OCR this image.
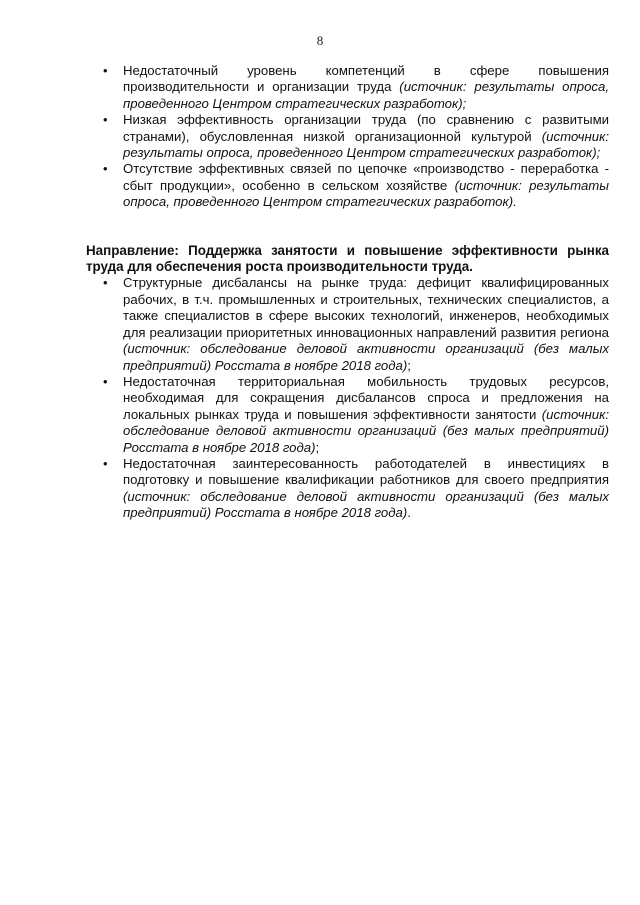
8
• Недостаточный уровень компетенций в сфере повышения производительности и организации труда (источник: результаты опроса, проведенного Центром стратегических разработок);
• Низкая эффективность организации труда (по сравнению с развитыми странами), обусловленная низкой организационной культурой (источник: результаты опроса, проведенного Центром стратегических разработок);
• Отсутствие эффективных связей по цепочке «производство - переработка - сбыт продукции», особенно в сельском хозяйстве (источник: результаты опроса, проведенного Центром стратегических разработок).
Направление: Поддержка занятости и повышение эффективности рынка труда для обеспечения роста производительности труда.
• Структурные дисбалансы на рынке труда: дефицит квалифицированных рабочих, в т.ч. промышленных и строительных, технических специалистов, а также специалистов в сфере высоких технологий, инженеров, необходимых для реализации приоритетных инновационных направлений развития региона (источник: обследование деловой активности организаций (без малых предприятий) Росстата в ноябре 2018 года);
• Недостаточная территориальная мобильность трудовых ресурсов, необходимая для сокращения дисбалансов спроса и предложения на локальных рынках труда и повышения эффективности занятости (источник: обследование деловой активности организаций (без малых предприятий) Росстата в ноябре 2018 года);
• Недостаточная заинтересованность работодателей в инвестициях в подготовку и повышение квалификации работников для своего предприятия (источник: обследование деловой активности организаций (без малых предприятий) Росстата в ноябре 2018 года).
